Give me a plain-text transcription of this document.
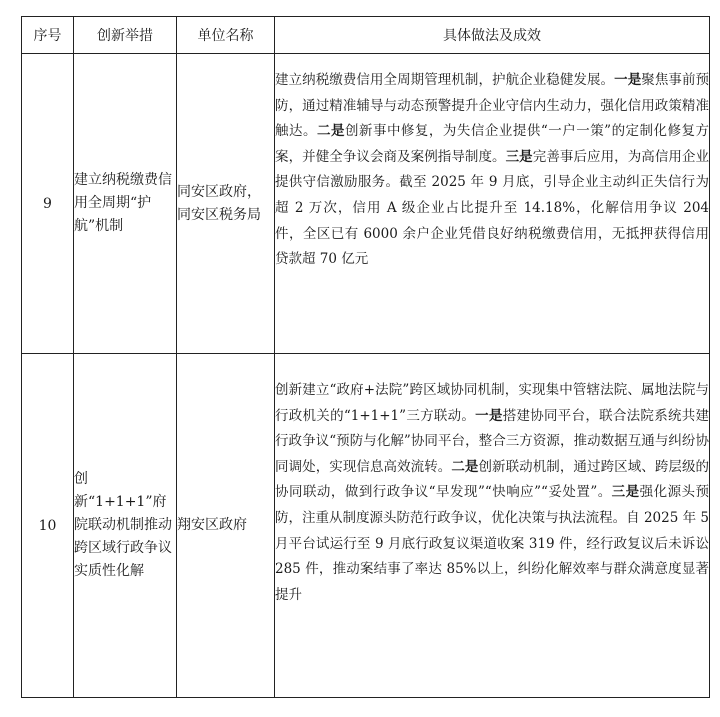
序号	创新举措	单位名称	具体做法及成效
9	建立纳税缴费信用全周期“护航”机制	同安区政府，同安区税务局	建立纳税缴费信用全周期管理机制，护航企业稳健发展。一是聚焦事前预防，通过精准辅导与动态预警提升企业守信内生动力，强化信用政策精准触达。二是创新事中修复，为失信企业提供“一户一策”的定制化修复方案，并健全争议会商及案例指导制度。三是完善事后应用，为高信用企业提供守信激励服务。截至 2025 年 9 月底，引导企业主动纠正失信行为超 2 万次，信用 A 级企业占比提升至 14.18%，化解信用争议 204 件，全区已有 6000 余户企业凭借良好纳税缴费信用，无抵押获得信用贷款超 70 亿元

10	创新“1+1+1”府院联动机制推动跨区域行政争议实质性化解	翔安区政府	创新建立“政府+法院”跨区域协同机制，实现集中管辖法院、属地法院与行政机关的“1+1+1”三方联动。一是搭建协同平台，联合法院系统共建行政争议“预防与化解”协同平台，整合三方资源，推动数据互通与纠纷协同调处，实现信息高效流转。二是创新联动机制，通过跨区域、跨层级的协同联动，做到行政争议“早发现”“快响应”“妥处置”。三是强化源头预防，注重从制度源头防范行政争议，优化决策与执法流程。自 2025 年 5 月平台试运行至 9 月底行政复议渠道收案 319 件，经行政复议后未诉讼 285 件，推动案结事了率达 85%以上，纠纷化解效率与群众满意度显著提升
